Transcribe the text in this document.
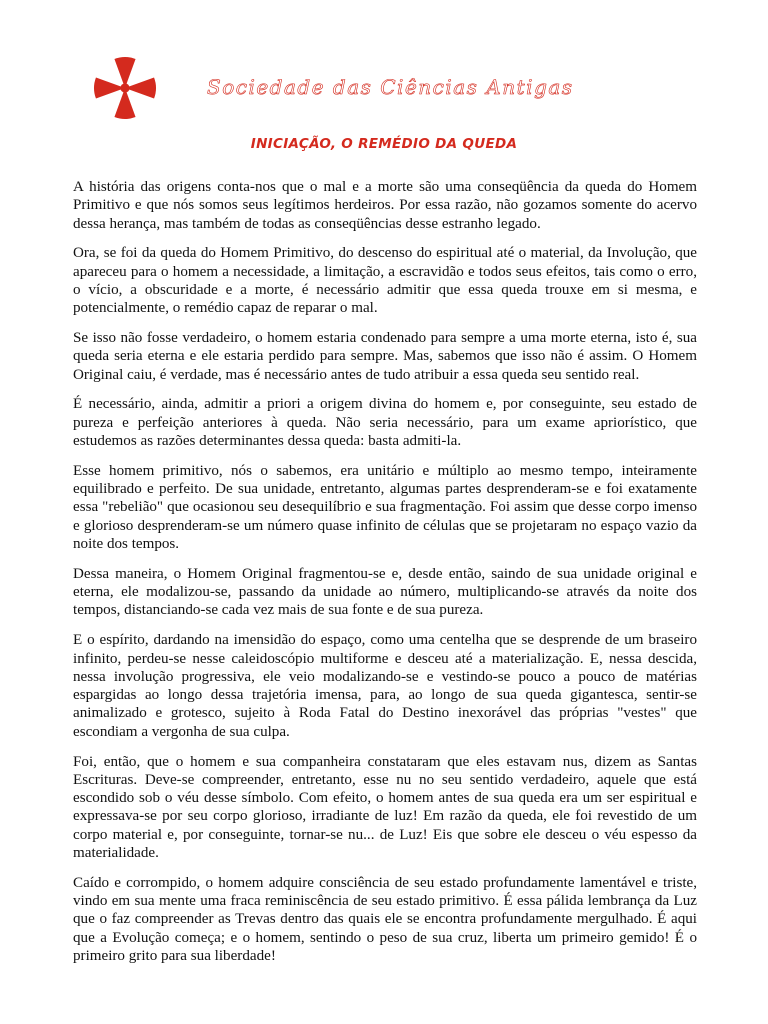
Sociedade das Ciências Antigas
INICIAÇÃO, O REMÉDIO DA QUEDA

A história das origens conta-nos que o mal e a morte são uma conseqüência da queda do Homem Primitivo e que nós somos seus legítimos herdeiros. Por essa razão, não gozamos somente do acervo dessa herança, mas também de todas as conseqüências desse estranho legado.

Ora, se foi da queda do Homem Primitivo, do descenso do espiritual até o material, da Involução, que apareceu para o homem a necessidade, a limitação, a escravidão e todos seus efeitos, tais como o erro, o vício, a obscuridade e a morte, é necessário admitir que essa queda trouxe em si mesma, e potencialmente, o remédio capaz de reparar o mal.

Se isso não fosse verdadeiro, o homem estaria condenado para sempre a uma morte eterna, isto é, sua queda seria eterna e ele estaria perdido para sempre. Mas, sabemos que isso não é assim. O Homem Original caiu, é verdade, mas é necessário antes de tudo atribuir a essa queda seu sentido real.

É necessário, ainda, admitir a priori a origem divina do homem e, por conseguinte, seu estado de pureza e perfeição anteriores à queda. Não seria necessário, para um exame apriorístico, que estudemos as razões determinantes dessa queda: basta admiti-la.

Esse homem primitivo, nós o sabemos, era unitário e múltiplo ao mesmo tempo, inteiramente equilibrado e perfeito. De sua unidade, entretanto, algumas partes desprenderam-se e foi exatamente essa "rebelião" que ocasionou seu desequilíbrio e sua fragmentação. Foi assim que desse corpo imenso e glorioso desprenderam-se um número quase infinito de células que se projetaram no espaço vazio da noite dos tempos.

Dessa maneira, o Homem Original fragmentou-se e, desde então, saindo de sua unidade original e eterna, ele modalizou-se, passando da unidade ao número, multiplicando-se através da noite dos tempos, distanciando-se cada vez mais de sua fonte e de sua pureza.

E o espírito, dardando na imensidão do espaço, como uma centelha que se desprende de um braseiro infinito, perdeu-se nesse caleidoscópio multiforme e desceu até a materialização. E, nessa descida, nessa involução progressiva, ele veio modalizando-se e vestindo-se pouco a pouco de matérias espargidas ao longo dessa trajetória imensa, para, ao longo de sua queda gigantesca, sentir-se animalizado e grotesco, sujeito à Roda Fatal do Destino inexorável das próprias "vestes" que escondiam a vergonha de sua culpa.

Foi, então, que o homem e sua companheira constataram que eles estavam nus, dizem as Santas Escrituras. Deve-se compreender, entretanto, esse nu no seu sentido verdadeiro, aquele que está escondido sob o véu desse símbolo. Com efeito, o homem antes de sua queda era um ser espiritual e expressava-se por seu corpo glorioso, irradiante de luz! Em razão da queda, ele foi revestido de um corpo material e, por conseguinte, tornar-se nu... de Luz! Eis que sobre ele desceu o véu espesso da materialidade.

Caído e corrompido, o homem adquire consciência de seu estado profundamente lamentável e triste, vindo em sua mente uma fraca reminiscência de seu estado primitivo. É essa pálida lembrança da Luz que o faz compreender as Trevas dentro das quais ele se encontra profundamente mergulhado. É aqui que a Evolução começa; e o homem, sentindo o peso de sua cruz, liberta um primeiro gemido! É o primeiro grito para sua liberdade!
